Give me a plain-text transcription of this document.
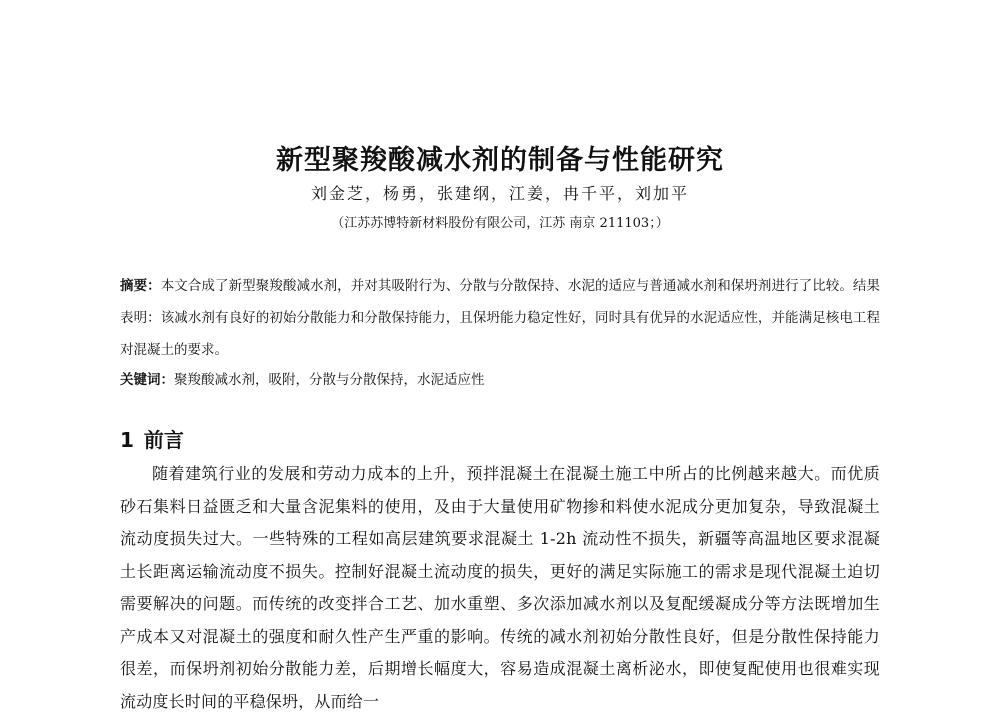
新型聚羧酸减水剂的制备与性能研究
刘金芝，杨勇，张建纲，江姜，冉千平，刘加平
（江苏苏博特新材料股份有限公司，江苏 南京 211103；）
摘要：本文合成了新型聚羧酸减水剂，并对其吸附行为、分散与分散保持、水泥的适应与普通减水剂和保坍剂进行了比较。结果表明：该减水剂有良好的初始分散能力和分散保持能力，且保坍能力稳定性好，同时具有优异的水泥适应性，并能满足核电工程对混凝土的要求。
关键词：聚羧酸减水剂，吸附，分散与分散保持，水泥适应性
1 前言
随着建筑行业的发展和劳动力成本的上升，预拌混凝土在混凝土施工中所占的比例越来越大。而优质砂石集料日益匮乏和大量含泥集料的使用，及由于大量使用矿物掺和料使水泥成分更加复杂，导致混凝土流动度损失过大。一些特殊的工程如高层建筑要求混凝土 1-2h 流动性不损失，新疆等高温地区要求混凝土长距离运输流动度不损失。控制好混凝土流动度的损失，更好的满足实际施工的需求是现代混凝土迫切需要解决的问题。而传统的改变拌合工艺、加水重塑、多次添加减水剂以及复配缓凝成分等方法既增加生产成本又对混凝土的强度和耐久性产生严重的影响。传统的减水剂初始分散性良好，但是分散性保持能力很差，而保坍剂初始分散能力差，后期增长幅度大，容易造成混凝土离析泌水，即使复配使用也很难实现流动度长时间的平稳保坍，从而给一
